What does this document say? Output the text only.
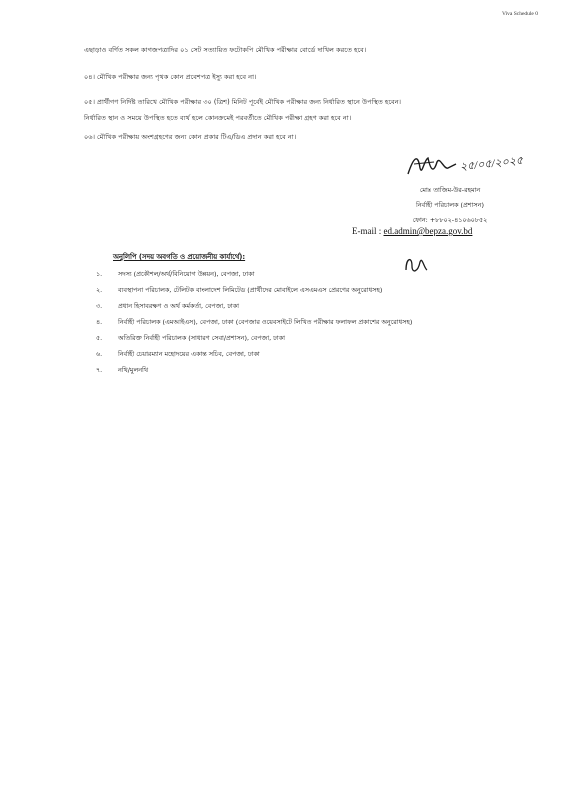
Viva Schedule 0
এছাড়াও বর্ণিত সকল কাগজপত্রাদির ০১ সেট সত্যায়িত ফটোকপি মৌখিক পরীক্ষার বোর্ডে দাখিল করতে হবে।
০৪। মৌখিক পরীক্ষার জন্য পৃথক কোন প্রবেশপত্র ইস্যু করা হবে না।
০৫। প্রার্থীগণ নির্দিষ্ট তারিখে মৌখিক পরীক্ষার ৩০ (ত্রিশ) মিনিট পূর্বেই মৌখিক পরীক্ষার জন্য নির্ধারিত স্থানে উপস্থিত হবেন।
নির্ধারিত স্থান ও সময়ে উপস্থিত হতে ব্যর্থ হলে কোনক্রমেই পরবর্তীতে মৌখিক পরীক্ষা গ্রহণ করা হবে না।
০৬। মৌখিক পরীক্ষায় অংশগ্রহণের জন্য কোন প্রকার টিএ/ডিএ প্রদান করা হবে না।
২৫/০৫/২০২৫
মোঃ তাজিম-উর-রহমান
নির্বাহী পরিচালক (প্রশাসন)
ফোন: +৮৮০২-৪১০৬০৮৫২
E-mail : ed.admin@bepza.gov.bd
অনুলিপি (সদয় অবগতি ও প্রয়োজনীয় কার্যার্থে):
১.	সদস্য (প্রকৌশল/অর্থ/বিনিয়োগ উন্নয়ন), বেপজা, ঢাকা
২.	ব্যবস্থাপনা পরিচালক, টেলিটক বাংলাদেশ লিমিটেড (প্রার্থীদের মোবাইলে এসএমএস প্রেরণের অনুরোধসহ)
৩.	প্রধান হিসাবরক্ষণ ও অর্থ কর্মকর্তা, বেপজা, ঢাকা
৪.	নির্বাহী পরিচালক (এমআইএস), বেপজা, ঢাকা (বেপজার ওয়েবসাইটে লিখিত পরীক্ষার ফলাফল প্রকাশের অনুরোধসহ)
৫.	অতিরিক্ত নির্বাহী পরিচালক (সাধারণ সেবা/প্রশাসন), বেপজা, ঢাকা
৬.	নির্বাহী চেয়ারম্যান মহোদয়ের একান্ত সচিব, বেপজা, ঢাকা
৭.	নথি/মুলনথি
